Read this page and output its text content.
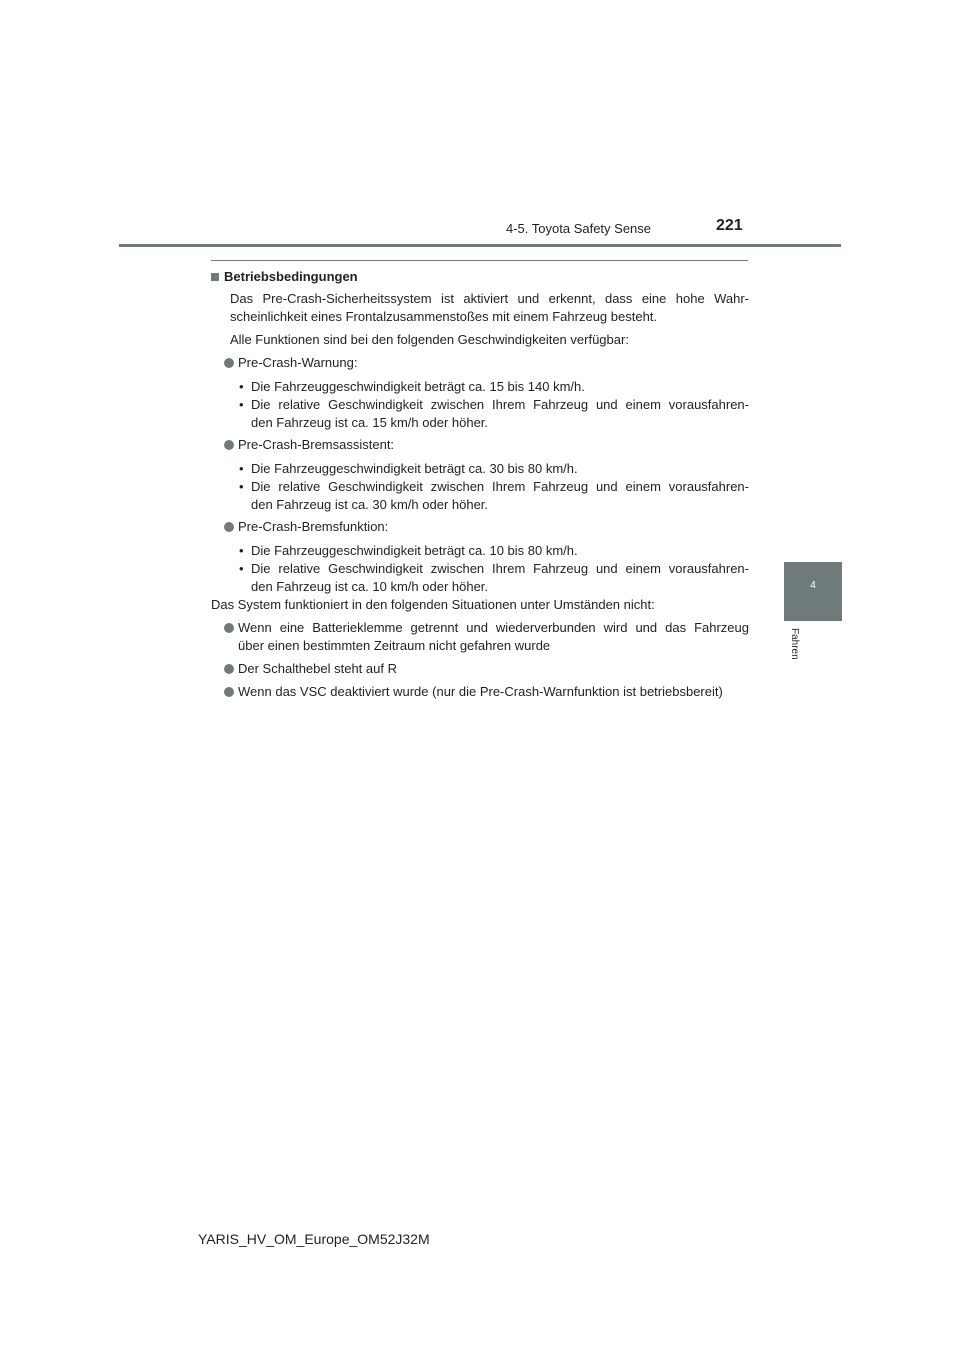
4-5. Toyota Safety Sense	221
4
Fahren
Betriebsbedingungen
Das Pre-Crash-Sicherheitssystem ist aktiviert und erkennt, dass eine hohe Wahr-
scheinlichkeit eines Frontalzusammenstoßes mit einem Fahrzeug besteht.
Alle Funktionen sind bei den folgenden Geschwindigkeiten verfügbar:
Pre-Crash-Warnung:
• Die Fahrzeuggeschwindigkeit beträgt ca. 15 bis 140 km/h.
• Die relative Geschwindigkeit zwischen Ihrem Fahrzeug und einem vorausfahren-
den Fahrzeug ist ca. 15 km/h oder höher.
Pre-Crash-Bremsassistent:
• Die Fahrzeuggeschwindigkeit beträgt ca. 30 bis 80 km/h.
• Die relative Geschwindigkeit zwischen Ihrem Fahrzeug und einem vorausfahren-
den Fahrzeug ist ca. 30 km/h oder höher.
Pre-Crash-Bremsfunktion:
• Die Fahrzeuggeschwindigkeit beträgt ca. 10 bis 80 km/h.
• Die relative Geschwindigkeit zwischen Ihrem Fahrzeug und einem vorausfahren-
den Fahrzeug ist ca. 10 km/h oder höher.
Das System funktioniert in den folgenden Situationen unter Umständen nicht:
Wenn eine Batterieklemme getrennt und wiederverbunden wird und das Fahrzeug
über einen bestimmten Zeitraum nicht gefahren wurde
Der Schalthebel steht auf R
Wenn das VSC deaktiviert wurde (nur die Pre-Crash-Warnfunktion ist betriebsbereit)
YARIS_HV_OM_Europe_OM52J32M
